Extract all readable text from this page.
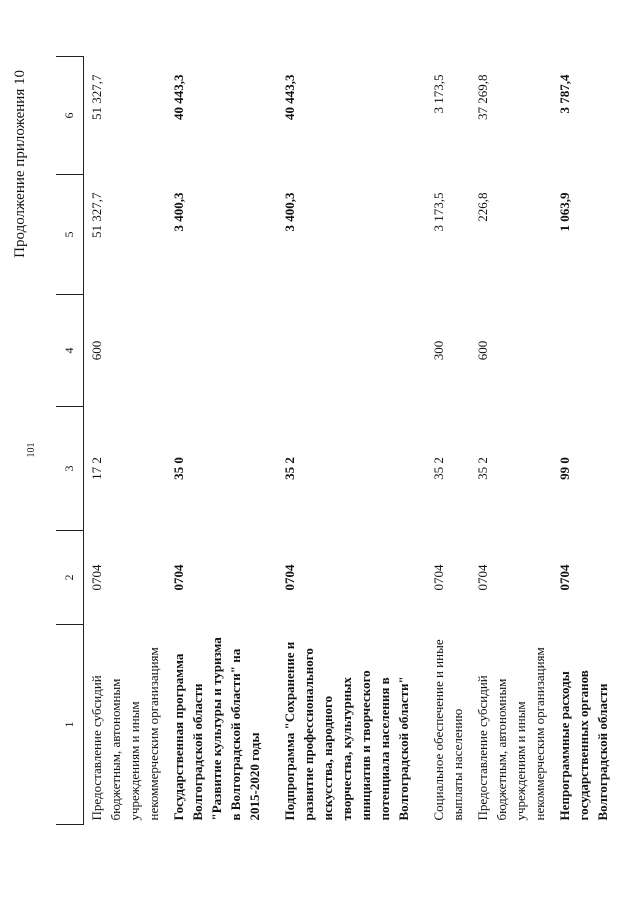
101
Продолжение приложения 10
1	2	3	4	5	6
Предоставление субсидий бюджетным, автономным учреждениям и иным некоммерческим организациям	0704	17 2	600	51 327,7	51 327,7
Государственная программа Волгоградской области "Развитие культуры и туризма в Волгоградской области" на 2015-2020 годы	0704	35 0		3 400,3	40 443,3

Подпрограмма "Сохранение и развитие профессионального искусства, народного творчества, культурных инициатив и творческого потенциала населения в Волгоградской области"	0704	35 2		3 400,3	40 443,3

Социальное обеспечение и иные выплаты населению	0704	35 2	300	3 173,5	3 173,5
Предоставление субсидий бюджетным, автономным учреждениям и иным некоммерческим организациям	0704	35 2	600	226,8	37 269,8
Непрограммные расходы государственных органов Волгоградской области	0704	99 0		1 063,9	3 787,4
